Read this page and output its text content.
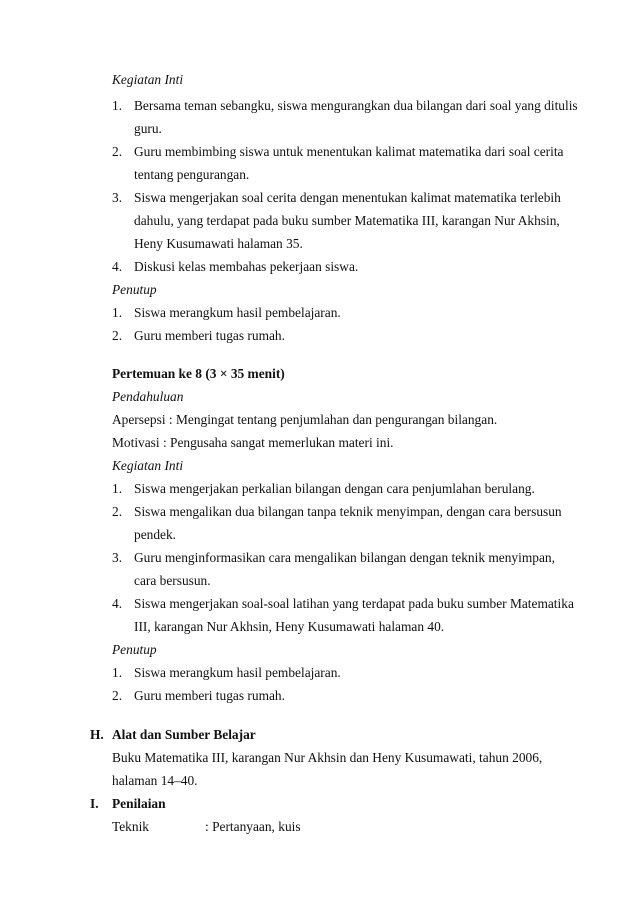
Kegiatan Inti
1. Bersama teman sebangku, siswa mengurangkan dua bilangan dari soal yang ditulis
guru.
2. Guru membimbing siswa untuk menentukan kalimat matematika dari soal cerita
tentang pengurangan.
3. Siswa mengerjakan soal cerita dengan menentukan kalimat matematika terlebih
dahulu, yang terdapat pada buku sumber Matematika III, karangan Nur Akhsin,
Heny Kusumawati halaman 35.
4. Diskusi kelas membahas pekerjaan siswa.
Penutup
1. Siswa merangkum hasil pembelajaran.
2. Guru memberi tugas rumah.
Pertemuan ke 8 (3 × 35 menit)
Pendahuluan
Apersepsi : Mengingat tentang penjumlahan dan pengurangan bilangan.
Motivasi : Pengusaha sangat memerlukan materi ini.
Kegiatan Inti
1. Siswa mengerjakan perkalian bilangan dengan cara penjumlahan berulang.
2. Siswa mengalikan dua bilangan tanpa teknik menyimpan, dengan cara bersusun
pendek.
3. Guru menginformasikan cara mengalikan bilangan dengan teknik menyimpan,
cara bersusun.
4. Siswa mengerjakan soal-soal latihan yang terdapat pada buku sumber Matematika
III, karangan Nur Akhsin, Heny Kusumawati halaman 40.
Penutup
1. Siswa merangkum hasil pembelajaran.
2. Guru memberi tugas rumah.
H. Alat dan Sumber Belajar
Buku Matematika III, karangan Nur Akhsin dan Heny Kusumawati, tahun 2006,
halaman 14–40.
I. Penilaian
Teknik	: Pertanyaan, kuis
